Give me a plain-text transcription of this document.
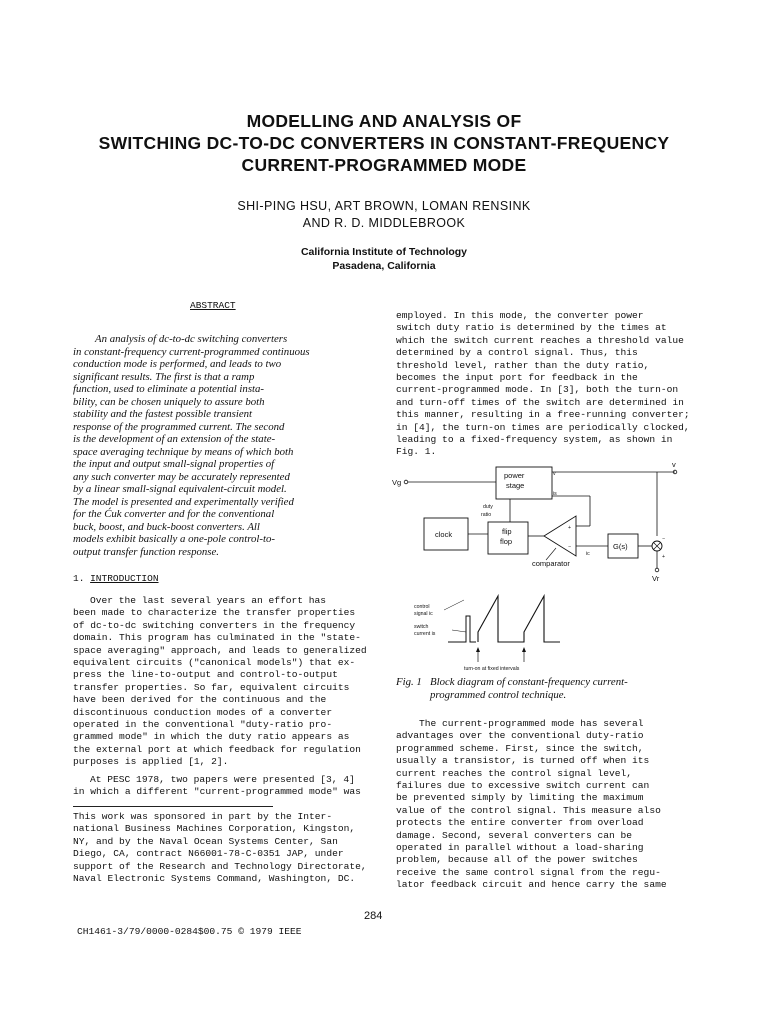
MODELLING AND ANALYSIS OF
SWITCHING DC-TO-DC CONVERTERS IN CONSTANT-FREQUENCY
CURRENT-PROGRAMMED MODE
SHI-PING HSU, ART BROWN, LOMAN RENSINK
AND R. D. MIDDLEBROOK
California Institute of Technology
Pasadena, California
ABSTRACT
An analysis of dc-to-dc switching converters
in constant-frequency current-programmed continuous
conduction mode is performed, and leads to two
significant results. The first is that a ramp
function, used to eliminate a potential insta-
bility, can be chosen uniquely to assure both
stability and the fastest possible transient
response of the programmed current. The second
is the development of an extension of the state-
space averaging technique by means of which both
the input and output small-signal properties of
any such converter may be accurately represented
by a linear small-signal equivalent-circuit model.
The model is presented and experimentally verified
for the Ćuk converter and for the conventional
buck, boost, and buck-boost converters. All
models exhibit basically a one-pole control-to-
output transfer function response.
1. INTRODUCTION
Over the last several years an effort has
been made to characterize the transfer properties
of dc-to-dc switching converters in the frequency
domain. This program has culminated in the "state-
space averaging" approach, and leads to generalized
equivalent circuits ("canonical models") that ex-
press the line-to-output and control-to-output
transfer properties. So far, equivalent circuits
have been derived for the continuous and the
discontinuous conduction modes of a converter
operated in the conventional "duty-ratio pro-
grammed mode" in which the duty ratio appears as
the external port at which feedback for regulation
purposes is applied [1, 2].
At PESC 1978, two papers were presented [3, 4]
in which a different "current-programmed mode" was
This work was sponsored in part by the Inter-
national Business Machines Corporation, Kingston,
NY, and by the Naval Ocean Systems Center, San
Diego, CA, contract N66001-78-C-0351 JAP, under
support of the Research and Technology Directorate,
Naval Electronic Systems Command, Washington, DC.
employed. In this mode, the converter power
switch duty ratio is determined by the times at
which the switch current reaches a threshold value
determined by a control signal. Thus, this
threshold level, rather than the duty ratio,
becomes the input port for feedback in the
current-programmed mode. In [3], both the turn-on
and turn-off times of the switch are determined in
this manner, resulting in a free-running converter;
in [4], the turn-on times are periodically clocked,
leading to a fixed-frequency system, as shown in
Fig. 1.
Vg
power
stage
v
is
v
duty
ratio
clock	flip
flop
+
−
ic
comparator
G(s)
−
+
Vr
control
signal ic
switch
current is
turn-on at fixed intervals
Fig. 1 Block diagram of constant-frequency current-
programmed control technique.
The current-programmed mode has several
advantages over the conventional duty-ratio
programmed scheme. First, since the switch,
usually a transistor, is turned off when its
current reaches the control signal level,
failures due to excessive switch current can
be prevented simply by limiting the maximum
value of the control signal. This measure also
protects the entire converter from overload
damage. Second, several converters can be
operated in parallel without a load-sharing
problem, because all of the power switches
receive the same control signal from the regu-
lator feedback circuit and hence carry the same
284
CH1461-3/79/0000-0284$00.75 © 1979 IEEE
